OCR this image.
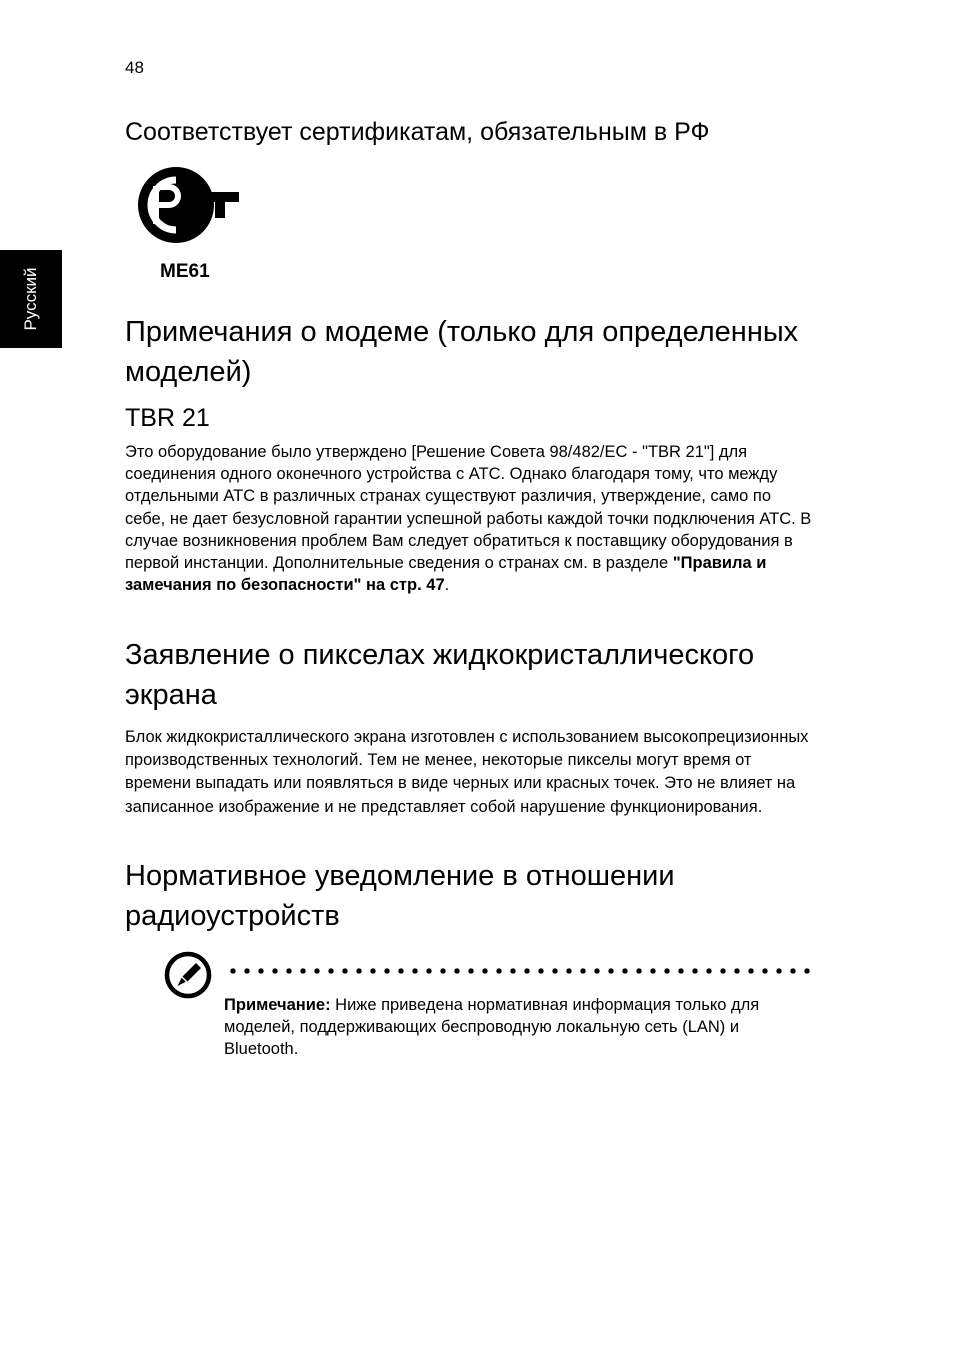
48
Русский
Соответствует сертификатам, обязательным в РФ
ME61
Примечания о модеме (только для определенных моделей)
TBR 21
Это оборудование было утверждено [Решение Совета 98/482/EC - "TBR 21"] для соединения одного оконечного устройства с АТС. Однако благодаря тому, что между отдельными АТС в различных странах существуют различия, утверждение, само по себе, не дает безусловной гарантии успешной работы каждой точки подключения АТС. В случае возникновения проблем Вам следует обратиться к поставщику оборудования в первой инстанции. Дополнительные сведения о странах см. в разделе "Правила и замечания по безопасности" на стр. 47.
Заявление о пикселах жидкокристаллического экрана
Блок жидкокристаллического экрана изготовлен с использованием высокопрецизионных производственных технологий. Тем не менее, некоторые пикселы могут время от времени выпадать или появляться в виде черных или красных точек. Это не влияет на записанное изображение и не представляет собой нарушение функционирования.
Нормативное уведомление в отношении радиоустройств
Примечание: Ниже приведена нормативная информация только для моделей, поддерживающих беспроводную локальную сеть (LAN) и Bluetooth.
